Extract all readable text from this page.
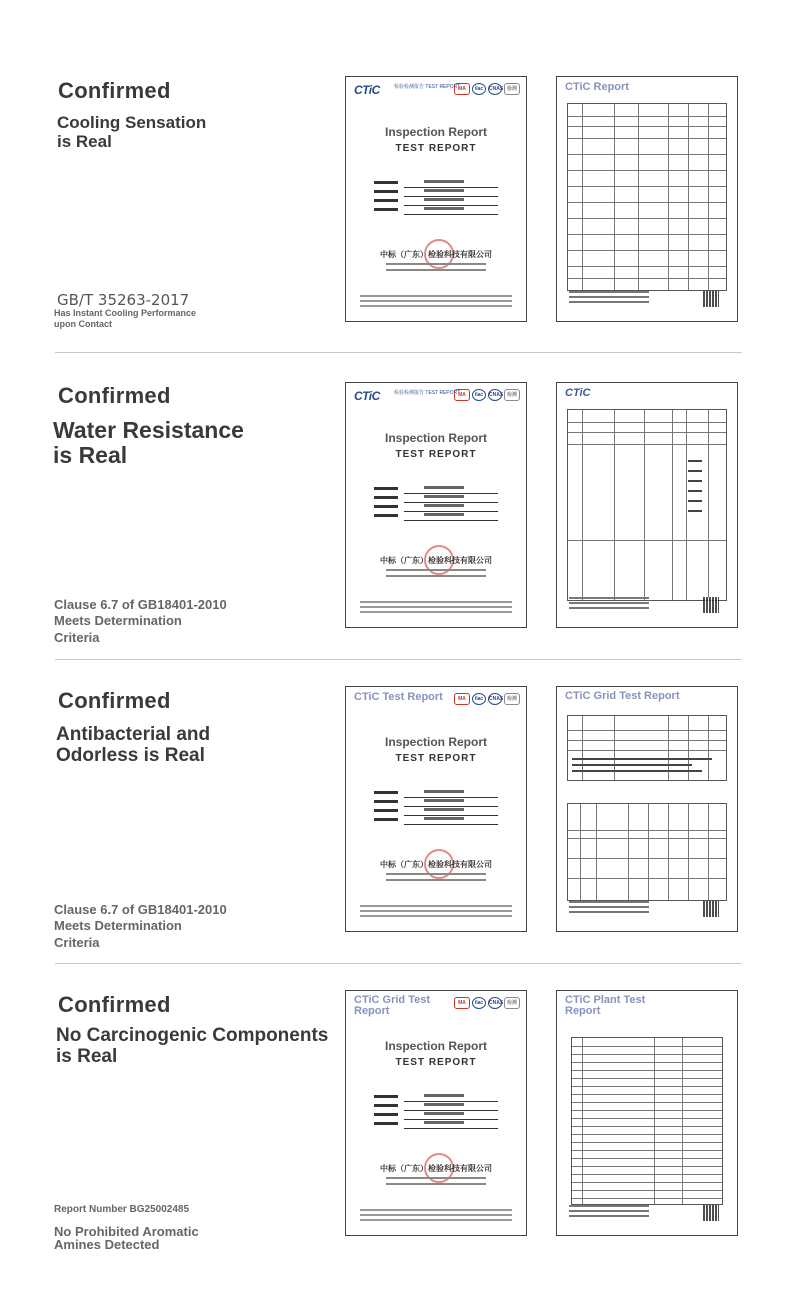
Confirmed
Cooling Sensation
is Real
GB/T 35263-2017
Has Instant Cooling Performance
upon Contact
CTiC	检验检测报告 TEST REPORT
MA	ilac	CNAS 检测
Inspection Report
TEST REPORT
中标（广东）检验科技有限公司
CTiC Report
Confirmed
Water Resistance
is Real
Clause 6.7 of GB18401-2010
Meets Determination
Criteria
CTiC	检验检测报告 TEST REPORT
MA	ilac	CNAS 检测
Inspection Report
TEST REPORT
中标（广东）检验科技有限公司
CTiC
Confirmed
Antibacterial and
Odorless is Real
Clause 6.7 of GB18401-2010
Meets Determination
Criteria
CTiC Test Report	MA	ilac	CNAS 检测
Inspection Report
TEST REPORT
中标（广东）检验科技有限公司
CTiC Grid Test Report
Confirmed
No Carcinogenic Components
is Real
Report Number BG25002485
No Prohibited Aromatic
Amines Detected
CTiC Grid Test Report
MA	ilac	CNAS 检测
Inspection Report
TEST REPORT
中标（广东）检验科技有限公司
CTiC Plant Test Report
